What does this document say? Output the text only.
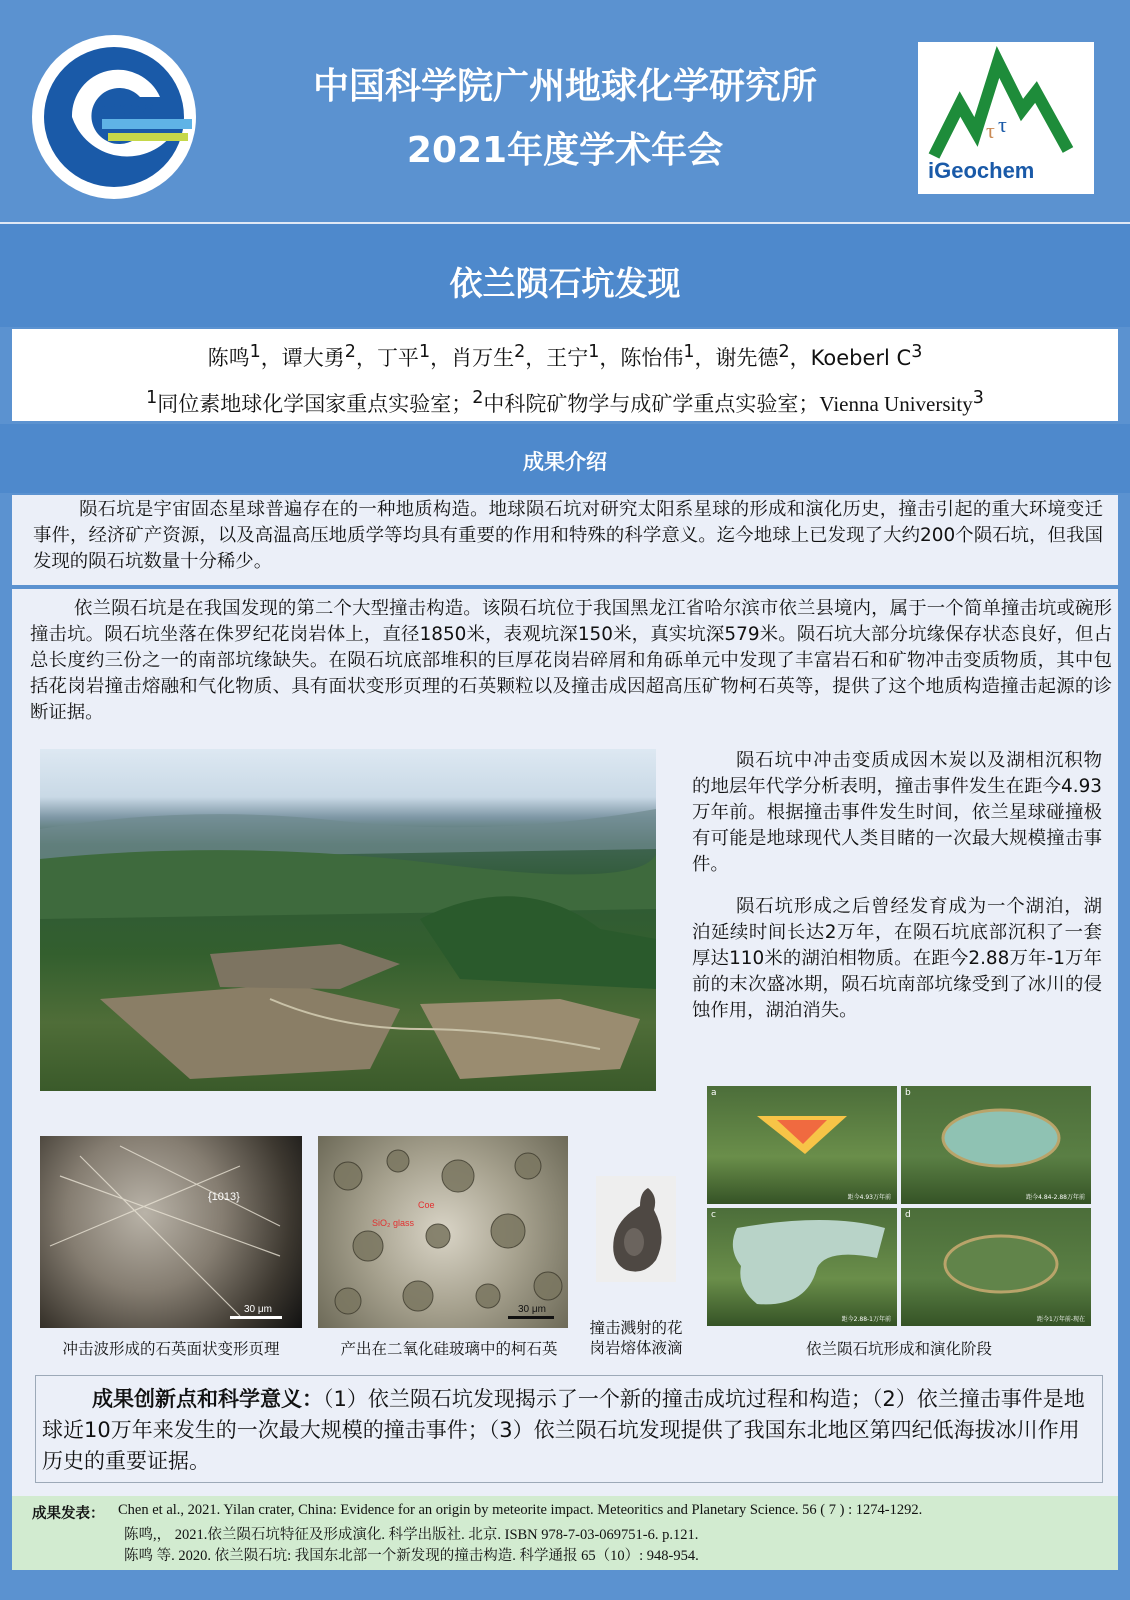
GIGCAS
中国科学院广州地球化学研究所
2021年度学术年会	τ τ
iGeochem
依兰陨石坑发现
陈鸣$^1$，谭大勇$^2$，丁平$^1$，肖万生$^2$，王宁$^1$，陈怡伟$^1$，谢先德$^2$，Koeberl $C^3$
$^1$同位素地球化学国家重点实验室；$^2$中科院矿物学与成矿学重点实验室；Vienna University$^3$
成果介绍
陨石坑是宇宙固态星球普遍存在的一种地质构造。地球陨石坑对研究太阳系星球的形成和演化历史，撞击引起的重大环境变迁事件，经济矿产资源，以及高温高压地质学等均具有重要的作用和特殊的科学意义。迄今地球上已发现了大约200个陨石坑，但我国发现的陨石坑数量十分稀少。
依兰陨石坑是在我国发现的第二个大型撞击构造。该陨石坑位于我国黑龙江省哈尔滨市依兰县境内，属于一个简单撞击坑或碗形撞击坑。陨石坑坐落在侏罗纪花岗岩体上，直径1850米，表观坑深150米，真实坑深579米。陨石坑大部分坑缘保存状态良好，但占总长度约三份之一的南部坑缘缺失。在陨石坑底部堆积的巨厚花岗岩碎屑和角砾单元中发现了丰富岩石和矿物冲击变质物质，其中包括花岗岩撞击熔融和气化物质、具有面状变形页理的石英颗粒以及撞击成因超高压矿物柯石英等，提供了这个地质构造撞击起源的诊断证据。
陨石坑中冲击变质成因木炭以及湖相沉积物的地层年代学分析表明，撞击事件发生在距今4.93万年前。根据撞击事件发生时间，依兰星球碰撞极有可能是地球现代人类目睹的一次最大规模撞击事件。
陨石坑形成之后曾经发育成为一个湖泊，湖泊延续时间长达2万年，在陨石坑底部沉积了一套厚达110米的湖泊相物质。在距今2.88万年-1万年前的末次盛冰期，陨石坑南部坑缘受到了冰川的侵蚀作用，湖泊消失。
{1013}
30 μm
Coe
SiO₂ glass
30 μm
a
距今4.93万年前
b
距今4.84-2.88万年前
c
距今2.88-1万年前
d
距今1万年前-现在
冲击波形成的石英面状变形页理	产出在二氧化硅玻璃中的柯石英
撞击溅射的花
岗岩熔体液滴	依兰陨石坑形成和演化阶段
成果创新点和科学意义：（1）依兰陨石坑发现揭示了一个新的撞击成坑过程和构造；（2）依兰撞击事件是地球近10万年来发生的一次最大规模的撞击事件；（3）依兰陨石坑发现提供了我国东北地区第四纪低海拔冰川作用历史的重要证据。
成果发表： Chen et al., 2021. Yilan crater, China: Evidence for an origin by meteorite impact. Meteoritics and Planetary Science. 56 ( 7 ) : 1274-1292.
陈鸣,， 2021.依兰陨石坑特征及形成演化. 科学出版社. 北京. ISBN 978-7-03-069751-6. p.121.
陈鸣 等. 2020. 依兰陨石坑: 我国东北部一个新发现的撞击构造. 科学通报 65（10）: 948-954.
